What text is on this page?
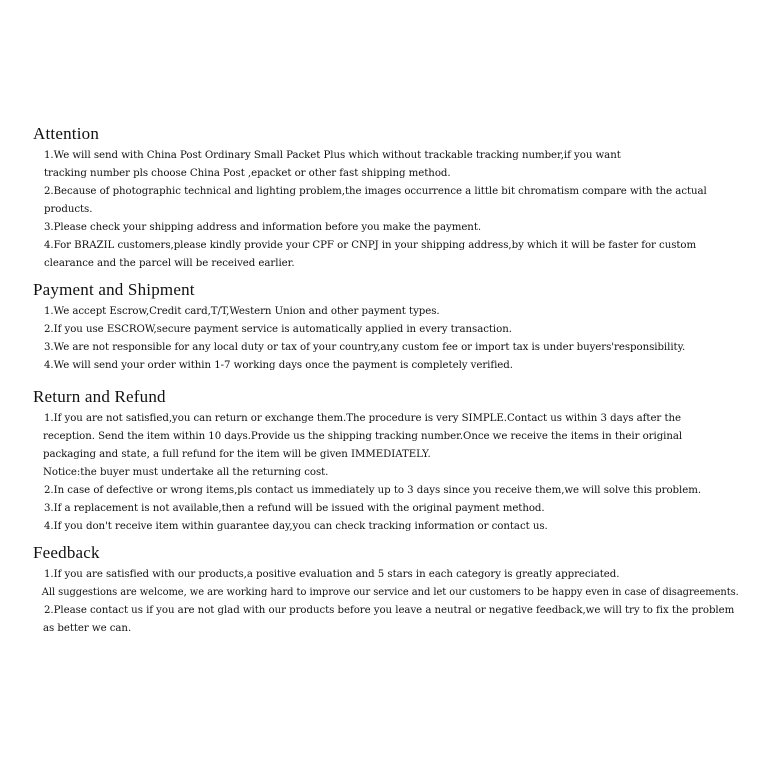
Attention
1.We will send with China Post Ordinary Small Packet Plus which without trackable tracking number,if you want
tracking number pls choose China Post ,epacket or other fast shipping method.
2.Because of photographic technical and lighting problem,the images occurrence a little bit chromatism compare with the actual
products.
3.Please check your shipping address and information before you make the payment.
4.For BRAZIL customers,please kindly provide your CPF or CNPJ in your shipping address,by which it will be faster for custom
clearance and the parcel will be received earlier.
Payment and Shipment
1.We accept Escrow,Credit card,T/T,Western Union and other payment types.
2.If you use ESCROW,secure payment service is automatically applied in every transaction.
3.We are not responsible for any local duty or tax of your country,any custom fee or import tax is under buyers'responsibility.
4.We will send your order within 1-7 working days once the payment is completely verified.
Return and Refund
1.If you are not satisfied,you can return or exchange them.The procedure is very SIMPLE.Contact us within 3 days after the
reception. Send the item within 10 days.Provide us the shipping tracking number.Once we receive the items in their original
packaging and state, a full refund for the item will be given IMMEDIATELY.
Notice:the buyer must undertake all the returning cost.
2.In case of defective or wrong items,pls contact us immediately up to 3 days since you receive them,we will solve this problem.
3.If a replacement is not available,then a refund will be issued with the original payment method.
4.If you don't receive item within guarantee day,you can check tracking information or contact us.
Feedback
1.If you are satisfied with our products,a positive evaluation and 5 stars in each category is greatly appreciated.
All suggestions are welcome, we are working hard to improve our service and let our customers to be happy even in case of disagreements.
2.Please contact us if you are not glad with our products before you leave a neutral or negative feedback,we will try to fix the problem
as better we can.
